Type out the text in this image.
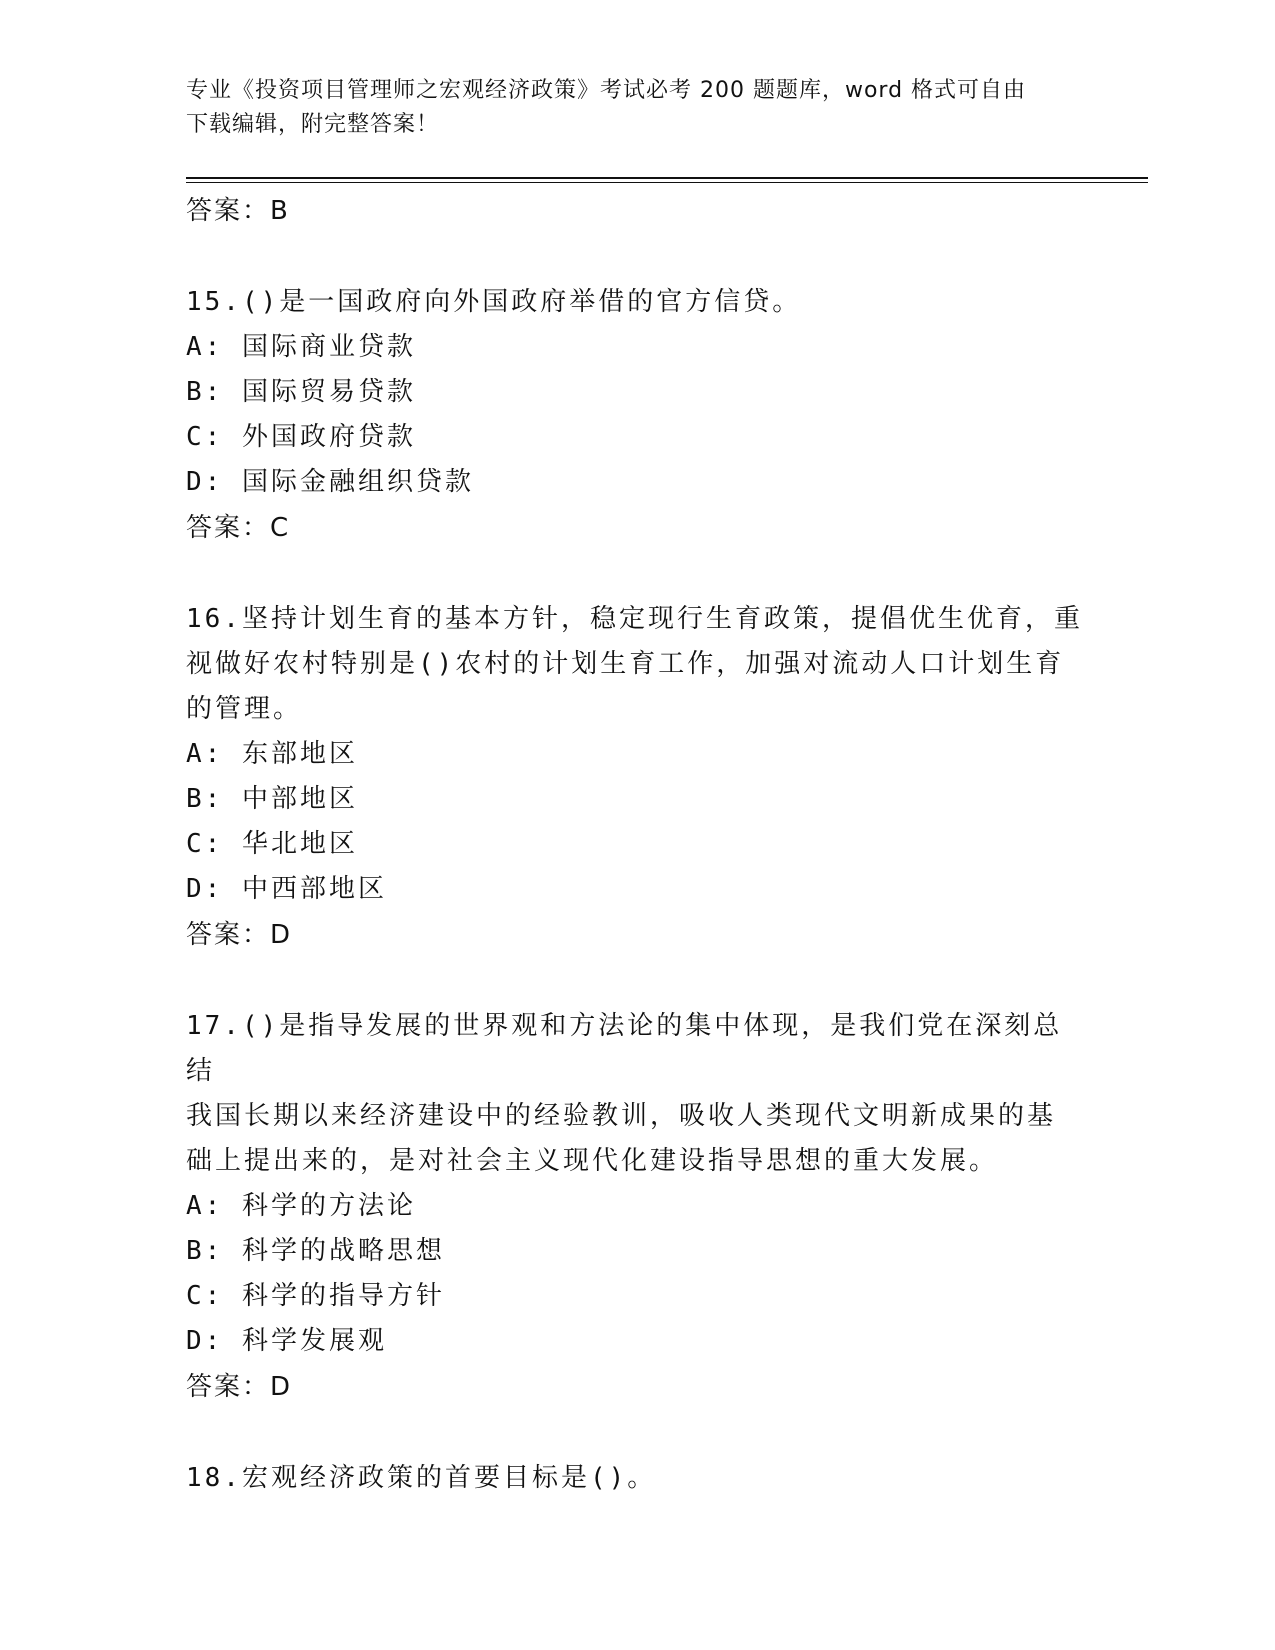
专业《投资项目管理师之宏观经济政策》考试必考 200 题题库，word 格式可自由
下载编辑，附完整答案！
答案：B
15.()是一国政府向外国政府举借的官方信贷。
A: 国际商业贷款
B: 国际贸易贷款
C: 外国政府贷款
D: 国际金融组织贷款
答案：C
16.坚持计划生育的基本方针，稳定现行生育政策，提倡优生优育，重
视做好农村特别是()农村的计划生育工作，加强对流动人口计划生育
的管理。
A: 东部地区
B: 中部地区
C: 华北地区
D: 中西部地区
答案：D
17.()是指导发展的世界观和方法论的集中体现，是我们党在深刻总结
我国长期以来经济建设中的经验教训，吸收人类现代文明新成果的基
础上提出来的，是对社会主义现代化建设指导思想的重大发展。
A: 科学的方法论
B: 科学的战略思想
C: 科学的指导方针
D: 科学发展观
答案：D
18.宏观经济政策的首要目标是()。
